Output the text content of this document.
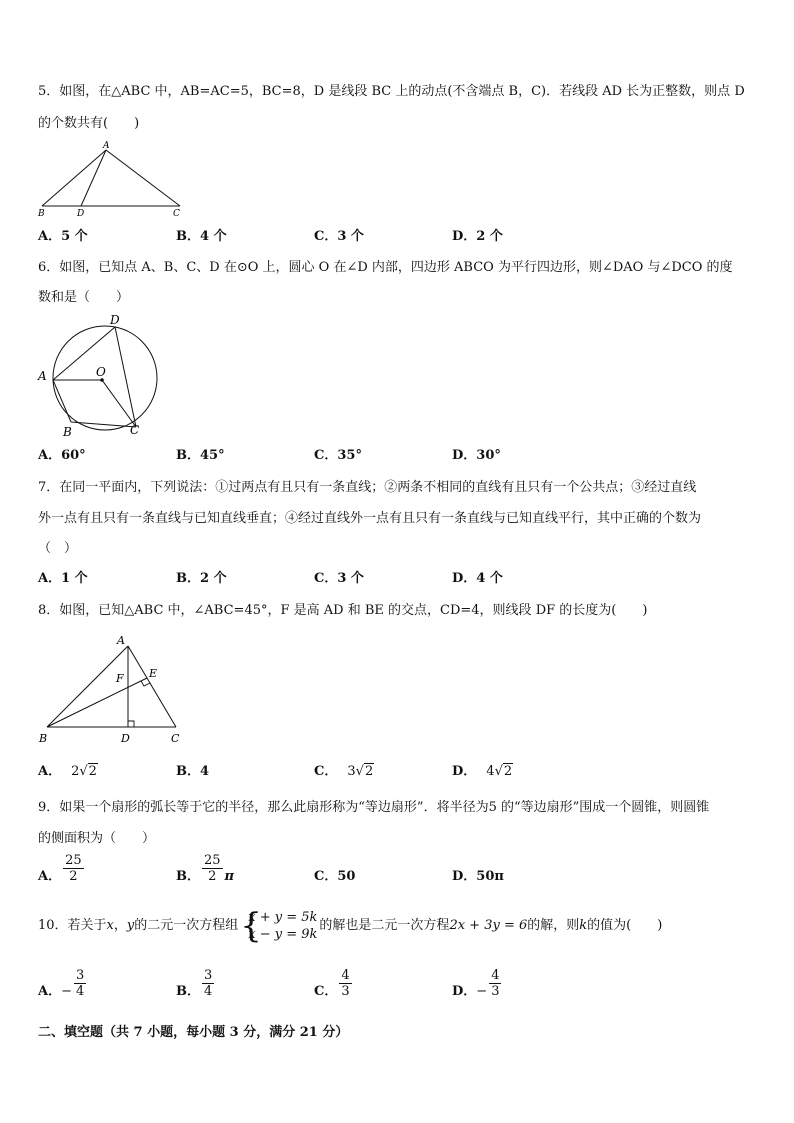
5．如图，在△ABC 中，AB=AC=5，BC=8，D 是线段 BC 上的动点(不含端点 B，C)．若线段 AD 长为正整数，则点 D
的个数共有(　　)
A
B	D	C
A．5 个	B．4 个	C．3 个	D．2 个
6．如图，已知点 A、B、C、D 在⊙O 上，圆心 O 在∠D 内部，四边形 ABCO 为平行四边形，则∠DAO 与∠DCO 的度
数和是（　　）
D
A	O
B	C
A．60°	B．45°	C．35°	D．30°
7．在同一平面内，下列说法：①过两点有且只有一条直线；②两条不相同的直线有且只有一个公共点；③经过直线
外一点有且只有一条直线与已知直线垂直；④经过直线外一点有且只有一条直线与已知直线平行，其中正确的个数为
（　）
A．1 个	B．2 个	C．3 个	D．4 个
8．如图，已知△ABC 中，∠ABC=45°，F 是高 AD 和 BE 的交点，CD=4，则线段 DF 的长度为(　　)
A
F E
B	D	C
A． 2√2	B．4	C． 3√2	D． 4√2
9．如果一个扇形的弧长等于它的半径，那么此扇形称为“等边扇形”．将半径为5 的“等边扇形”围成一个圆锥，则圆锥
的侧面积为（　　）
A． $\frac{25}{2}$	B． $\frac{25}{2}$ π	C．50	D．50π
10．若关于x，y的二元一次方程组 {
x + y = 5k
x − y = 9k
的解也是二元一次方程2x + 3y = 6的解，则k的值为(　　)
A．− $\frac{3}{4}$	B． $\frac{3}{4}$	C． $\frac{4}{3}$	D．− $\frac{4}{3}$
二、填空题（共 7 小题，每小题 3 分，满分 21 分）
